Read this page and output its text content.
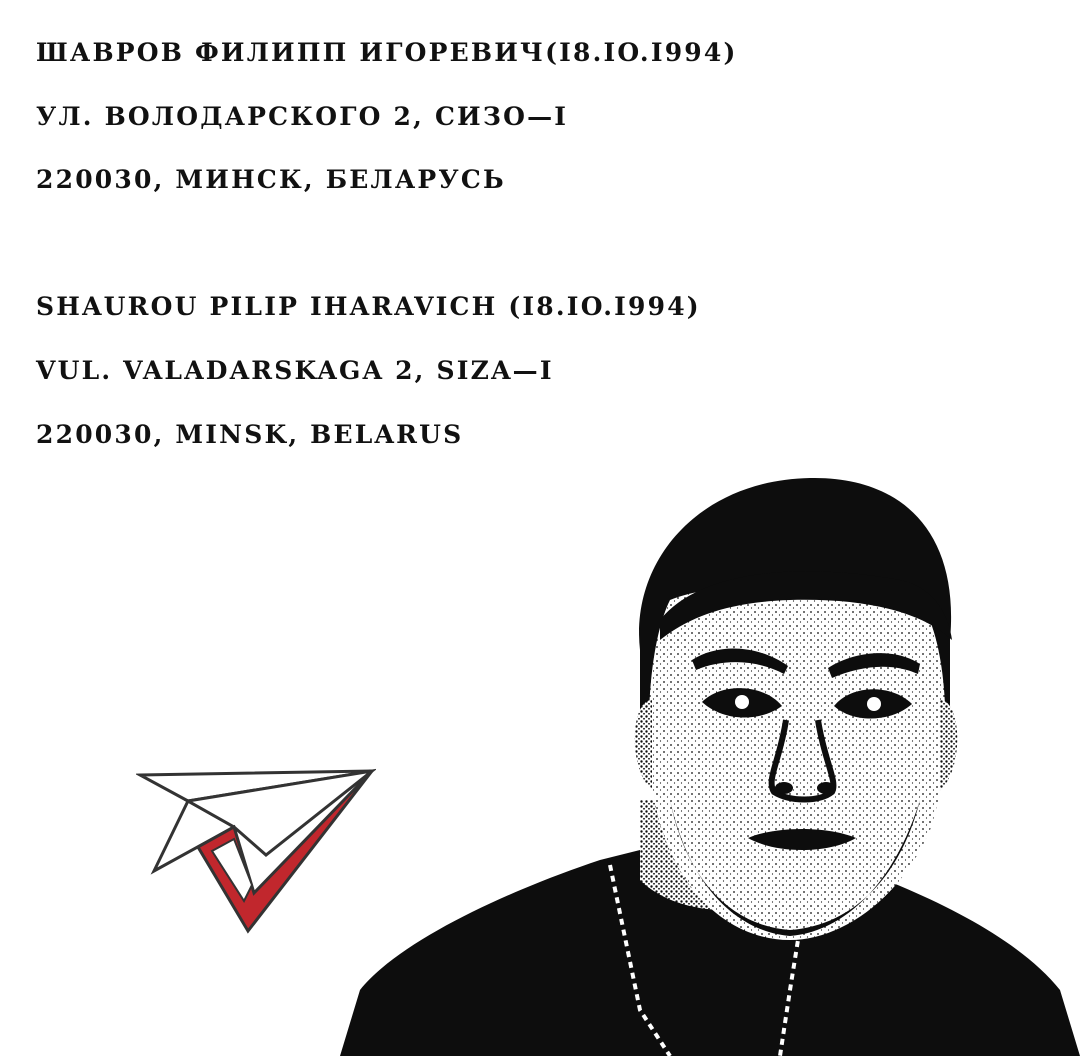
ШАВРОВ ФИЛИПП ИГОРЕВИЧ(I8.IO.I994)
УЛ. ВОЛОДАРСКОГО 2, СИЗО—I
220030, МИНСК, БЕЛАРУСЬ
SHAUROU PILIP IHARAVICH (I8.IO.I994)
VUL. VALADARSKAGA 2, SIZA—I
220030, MINSK, BELARUS
